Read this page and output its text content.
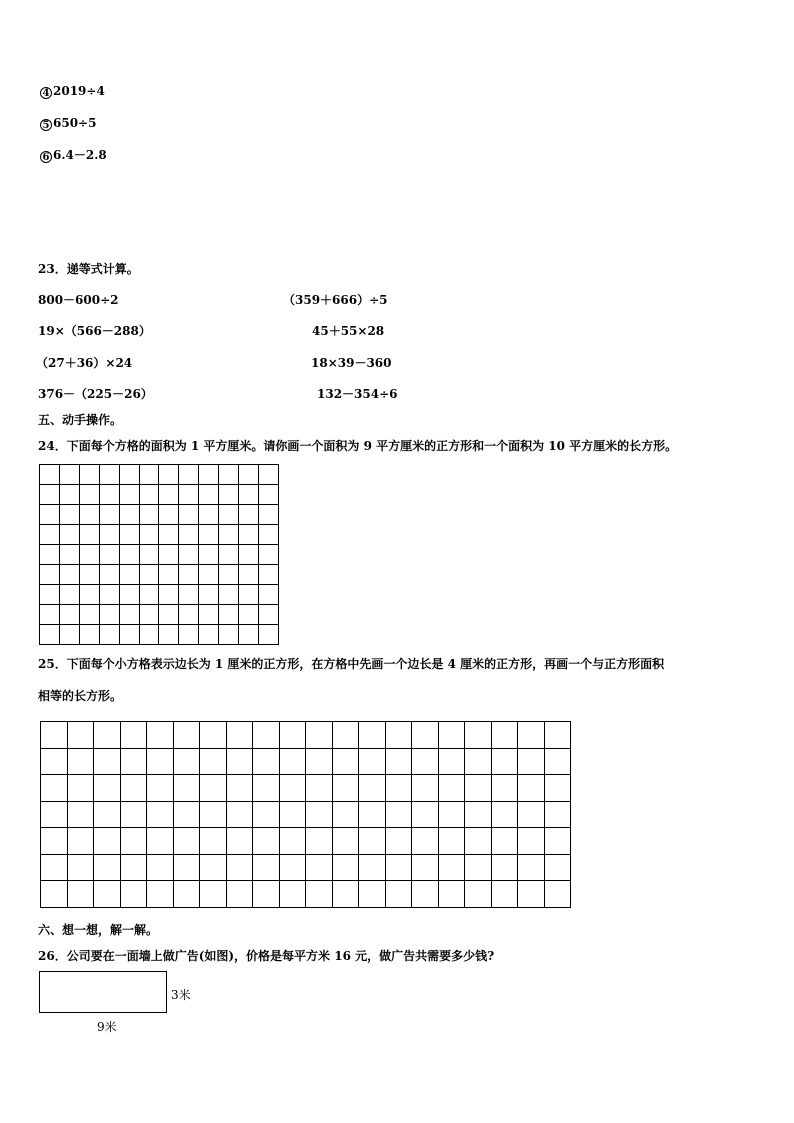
4 2019÷4
5 650÷5
6 6.4－2.8
23．递等式计算。
800－600÷2	（359＋666）÷5
19×（566－288）	45＋55×28
（27＋36）×24	18×39－360
376－（225－26）	132－354÷6
五、动手操作。
24．下面每个方格的面积为 1 平方厘米。请你画一个面积为 9 平方厘米的正方形和一个面积为 10 平方厘米的长方形。

25．下面每个小方格表示边长为 1 厘米的正方形，在方格中先画一个边长是 4 厘米的正方形，再画一个与正方形面积
相等的长方形。

六、想一想，解一解。
26．公司要在一面墙上做广告(如图)，价格是每平方米 16 元，做广告共需要多少钱?
3米
9米
